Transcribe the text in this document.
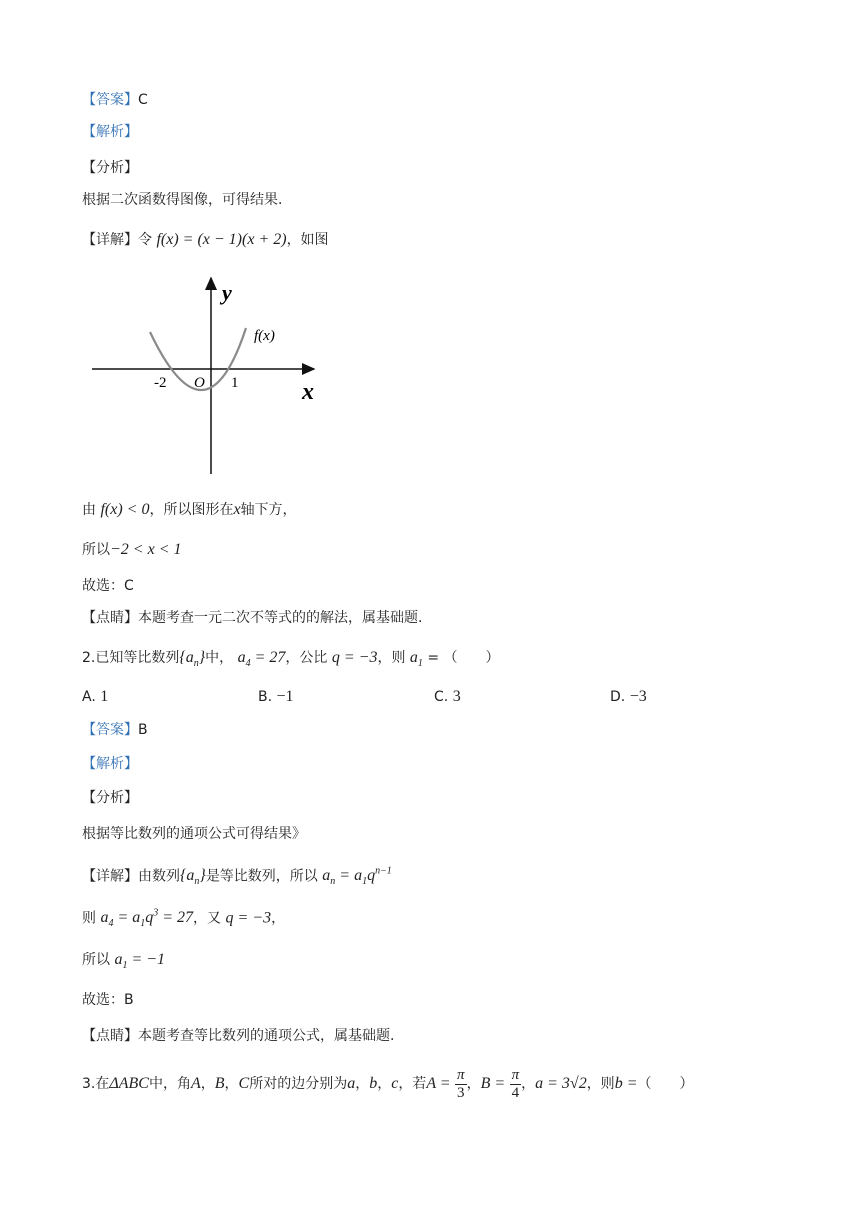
【答案】C
【解析】
【分析】
根据二次函数得图像，可得结果.
【详解】令 f(x) = (x − 1)(x + 2)，如图
y
x
f(x)
O
-2	1
由 f(x) < 0，所以图形在x轴下方，
所以−2 < x < 1
故选：C
【点睛】本题考查一元二次不等式的的解法，属基础题.
2.已知等比数列$\{a_n\}$中， $a_4 = 27$，公比 q = −3，则 $a_1$ = （　　）
A. 1	B. −1	C. 3	D. −3
【答案】B
【解析】
【分析】
根据等比数列的通项公式可得结果》
【详解】由数列$\{a_n\}$是等比数列，所以 $a_n = a_1q^{n-1}$
则 $a_4 = a_1q^3 = 27$，又 q = −3，
所以 $a_1 = -1$
故选：B
【点睛】本题考查等比数列的通项公式，属基础题.
3.在ΔABC中，角A，B，C所对的边分别为a，b，c，若$A = \frac{\pi}{3}$ ，$B = \frac{\pi}{4}$ ，a = 3√2，则b =（　　）
